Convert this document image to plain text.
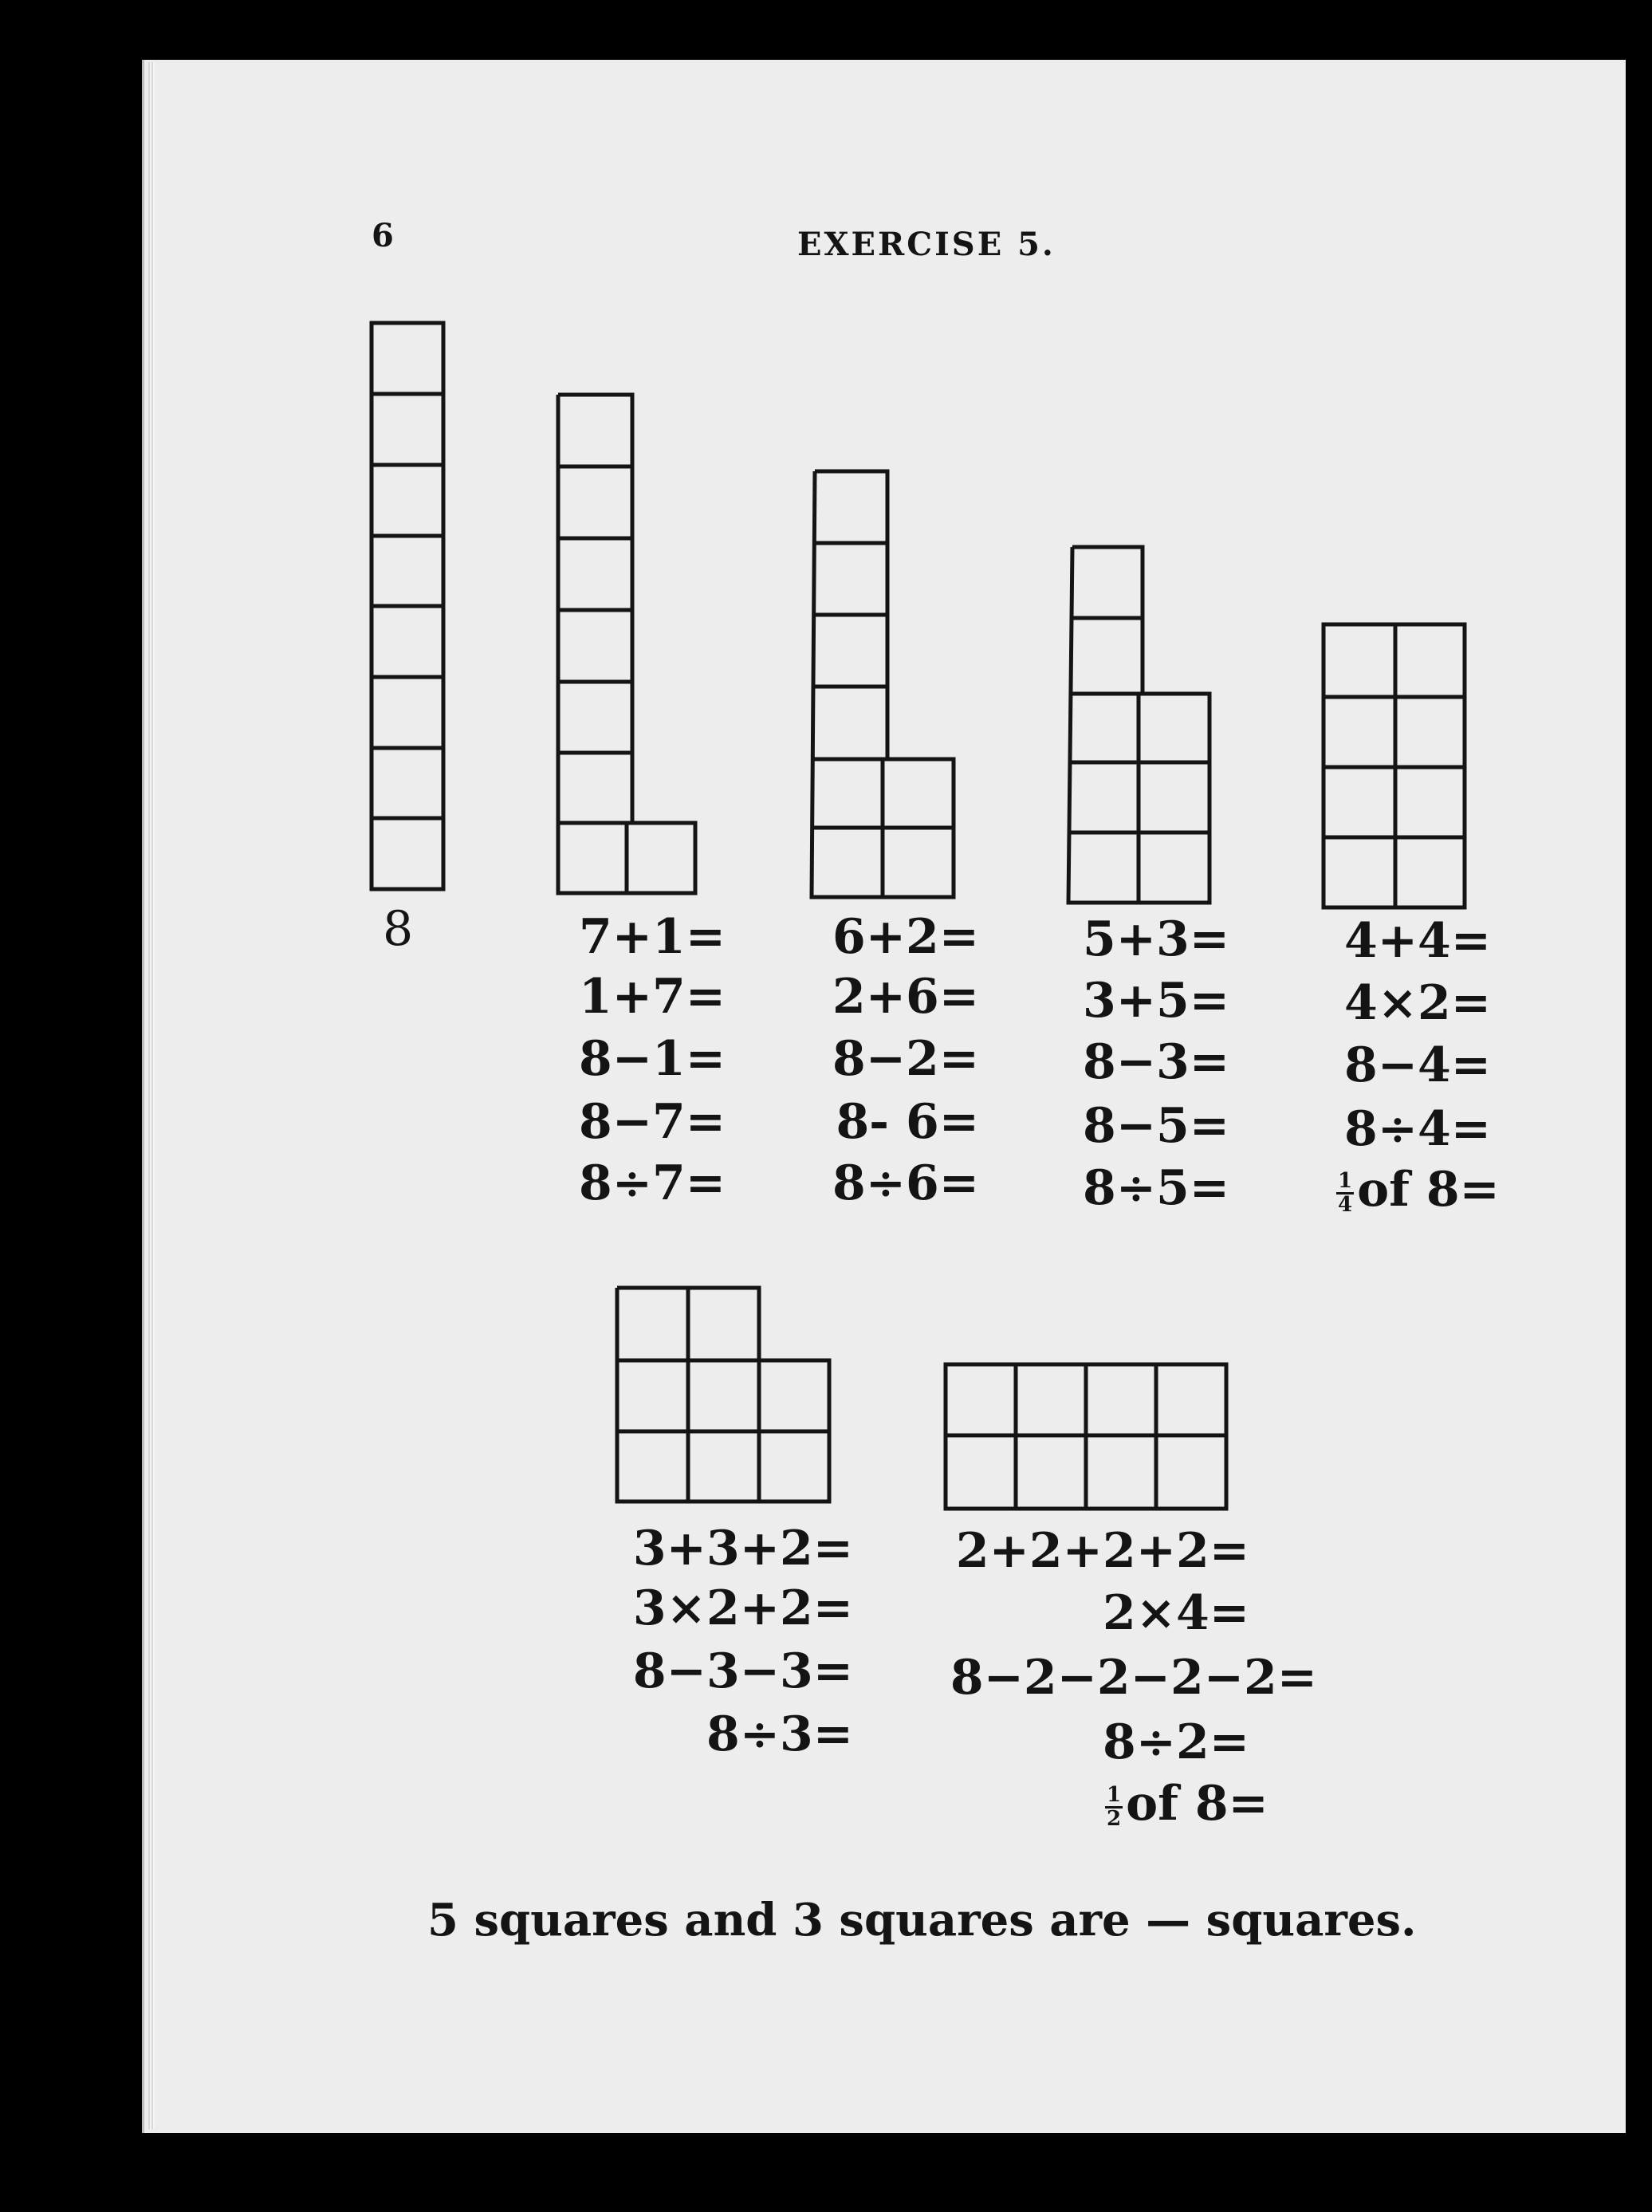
6	EXERCISE 5.
8	7+1=
1+7=
8−1=
8−7=
8÷7=
6+2=
2+6=
8−2=
8- 6=
8÷6=
5+3=
3+5=
8−3=
8−5=
8÷5=
4+4=
4×2=
8−4=
8÷4=
$\frac{1}{4}$ of 8=
3+3+2=
3×2+2=
8−3−3=
8÷3=
2+2+2+2=
2×4=
8−2−2−2−2=
8÷2=
$\frac{1}{2}$ of 8=
5 squares and 3 squares are — squares.
